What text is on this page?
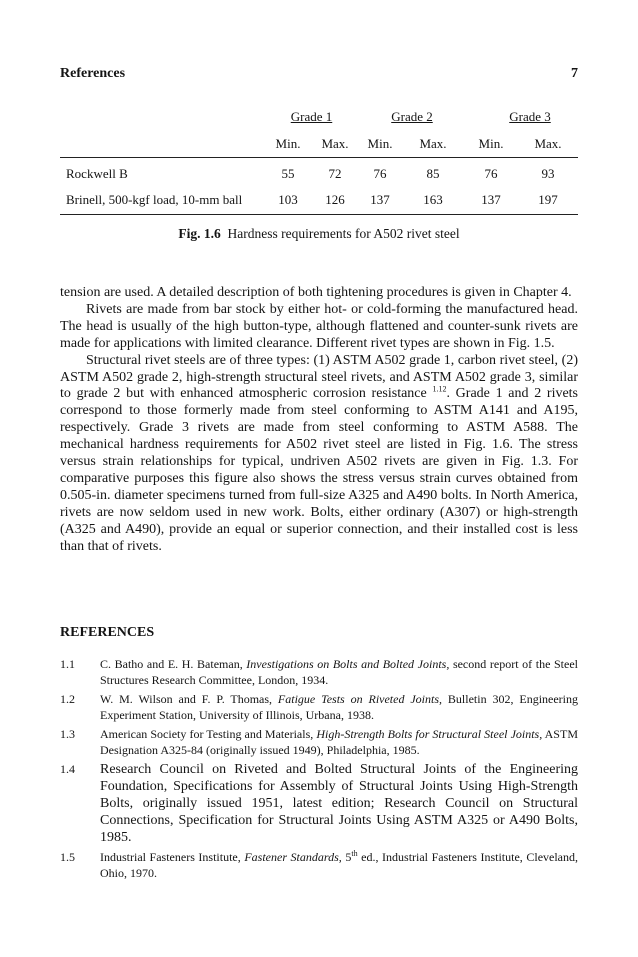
References	7
Grade 1	Grade 2	Grade 3
Min.	Max.	Min.	Max.	Min.	Max.
Rockwell B	55	72	76	85	76	93
Brinell, 500-kgf load, 10-mm ball	103	126	137	163	137	197
Fig. 1.6 Hardness requirements for A502 rivet steel

tension are used. A detailed description of both tightening procedures is given in Chapter 4.

Rivets are made from bar stock by either hot- or cold-forming the manufactured head. The head is usually of the high button-type, although flattened and counter-sunk rivets are made for applications with limited clearance. Different rivet types are shown in Fig. 1.5.

Structural rivet steels are of three types: (1) ASTM A502 grade 1, carbon rivet steel, (2) ASTM A502 grade 2, high-strength structural steel rivets, and ASTM A502 grade 3, similar to grade 2 but with enhanced atmospheric corrosion resistance $^{1.12}$. Grade 1 and 2 rivets correspond to those formerly made from steel conforming to ASTM A141 and A195, respectively. Grade 3 rivets are made from steel conforming to ASTM A588. The mechanical hardness requirements for A502 rivet steel are listed in Fig. 1.6. The stress versus strain relationships for typical, undriven A502 rivets are given in Fig. 1.3. For comparative purposes this figure also shows the stress versus strain curves obtained from 0.505-in. diameter specimens turned from full-size A325 and A490 bolts. In North America, rivets are now seldom used in new work. Bolts, either ordinary (A307) or high-strength (A325 and A490), provide an equal or superior connection, and their installed cost is less than that of rivets.

REFERENCES
1.1 C. Batho and E. H. Bateman, Investigations on Bolts and Bolted Joints, second report of the Steel Structures Research Committee, London, 1934.
1.2 W. M. Wilson and F. P. Thomas, Fatigue Tests on Riveted Joints, Bulletin 302, Engineering Experiment Station, University of Illinois, Urbana, 1938.
1.3 American Society for Testing and Materials, High-Strength Bolts for Structural Steel Joints, ASTM Designation A325-84 (originally issued 1949), Philadelphia, 1985.
1.4 Research Council on Riveted and Bolted Structural Joints of the Engineering Foundation, Specifications for Assembly of Structural Joints Using High-Strength Bolts, originally issued 1951, latest edition; Research Council on Structural Connections, Specification for Structural Joints Using ASTM A325 or A490 Bolts, 1985.
1.5 Industrial Fasteners Institute, Fastener Standards, 5th ed., Industrial Fasteners Institute, Cleveland, Ohio, 1970.
